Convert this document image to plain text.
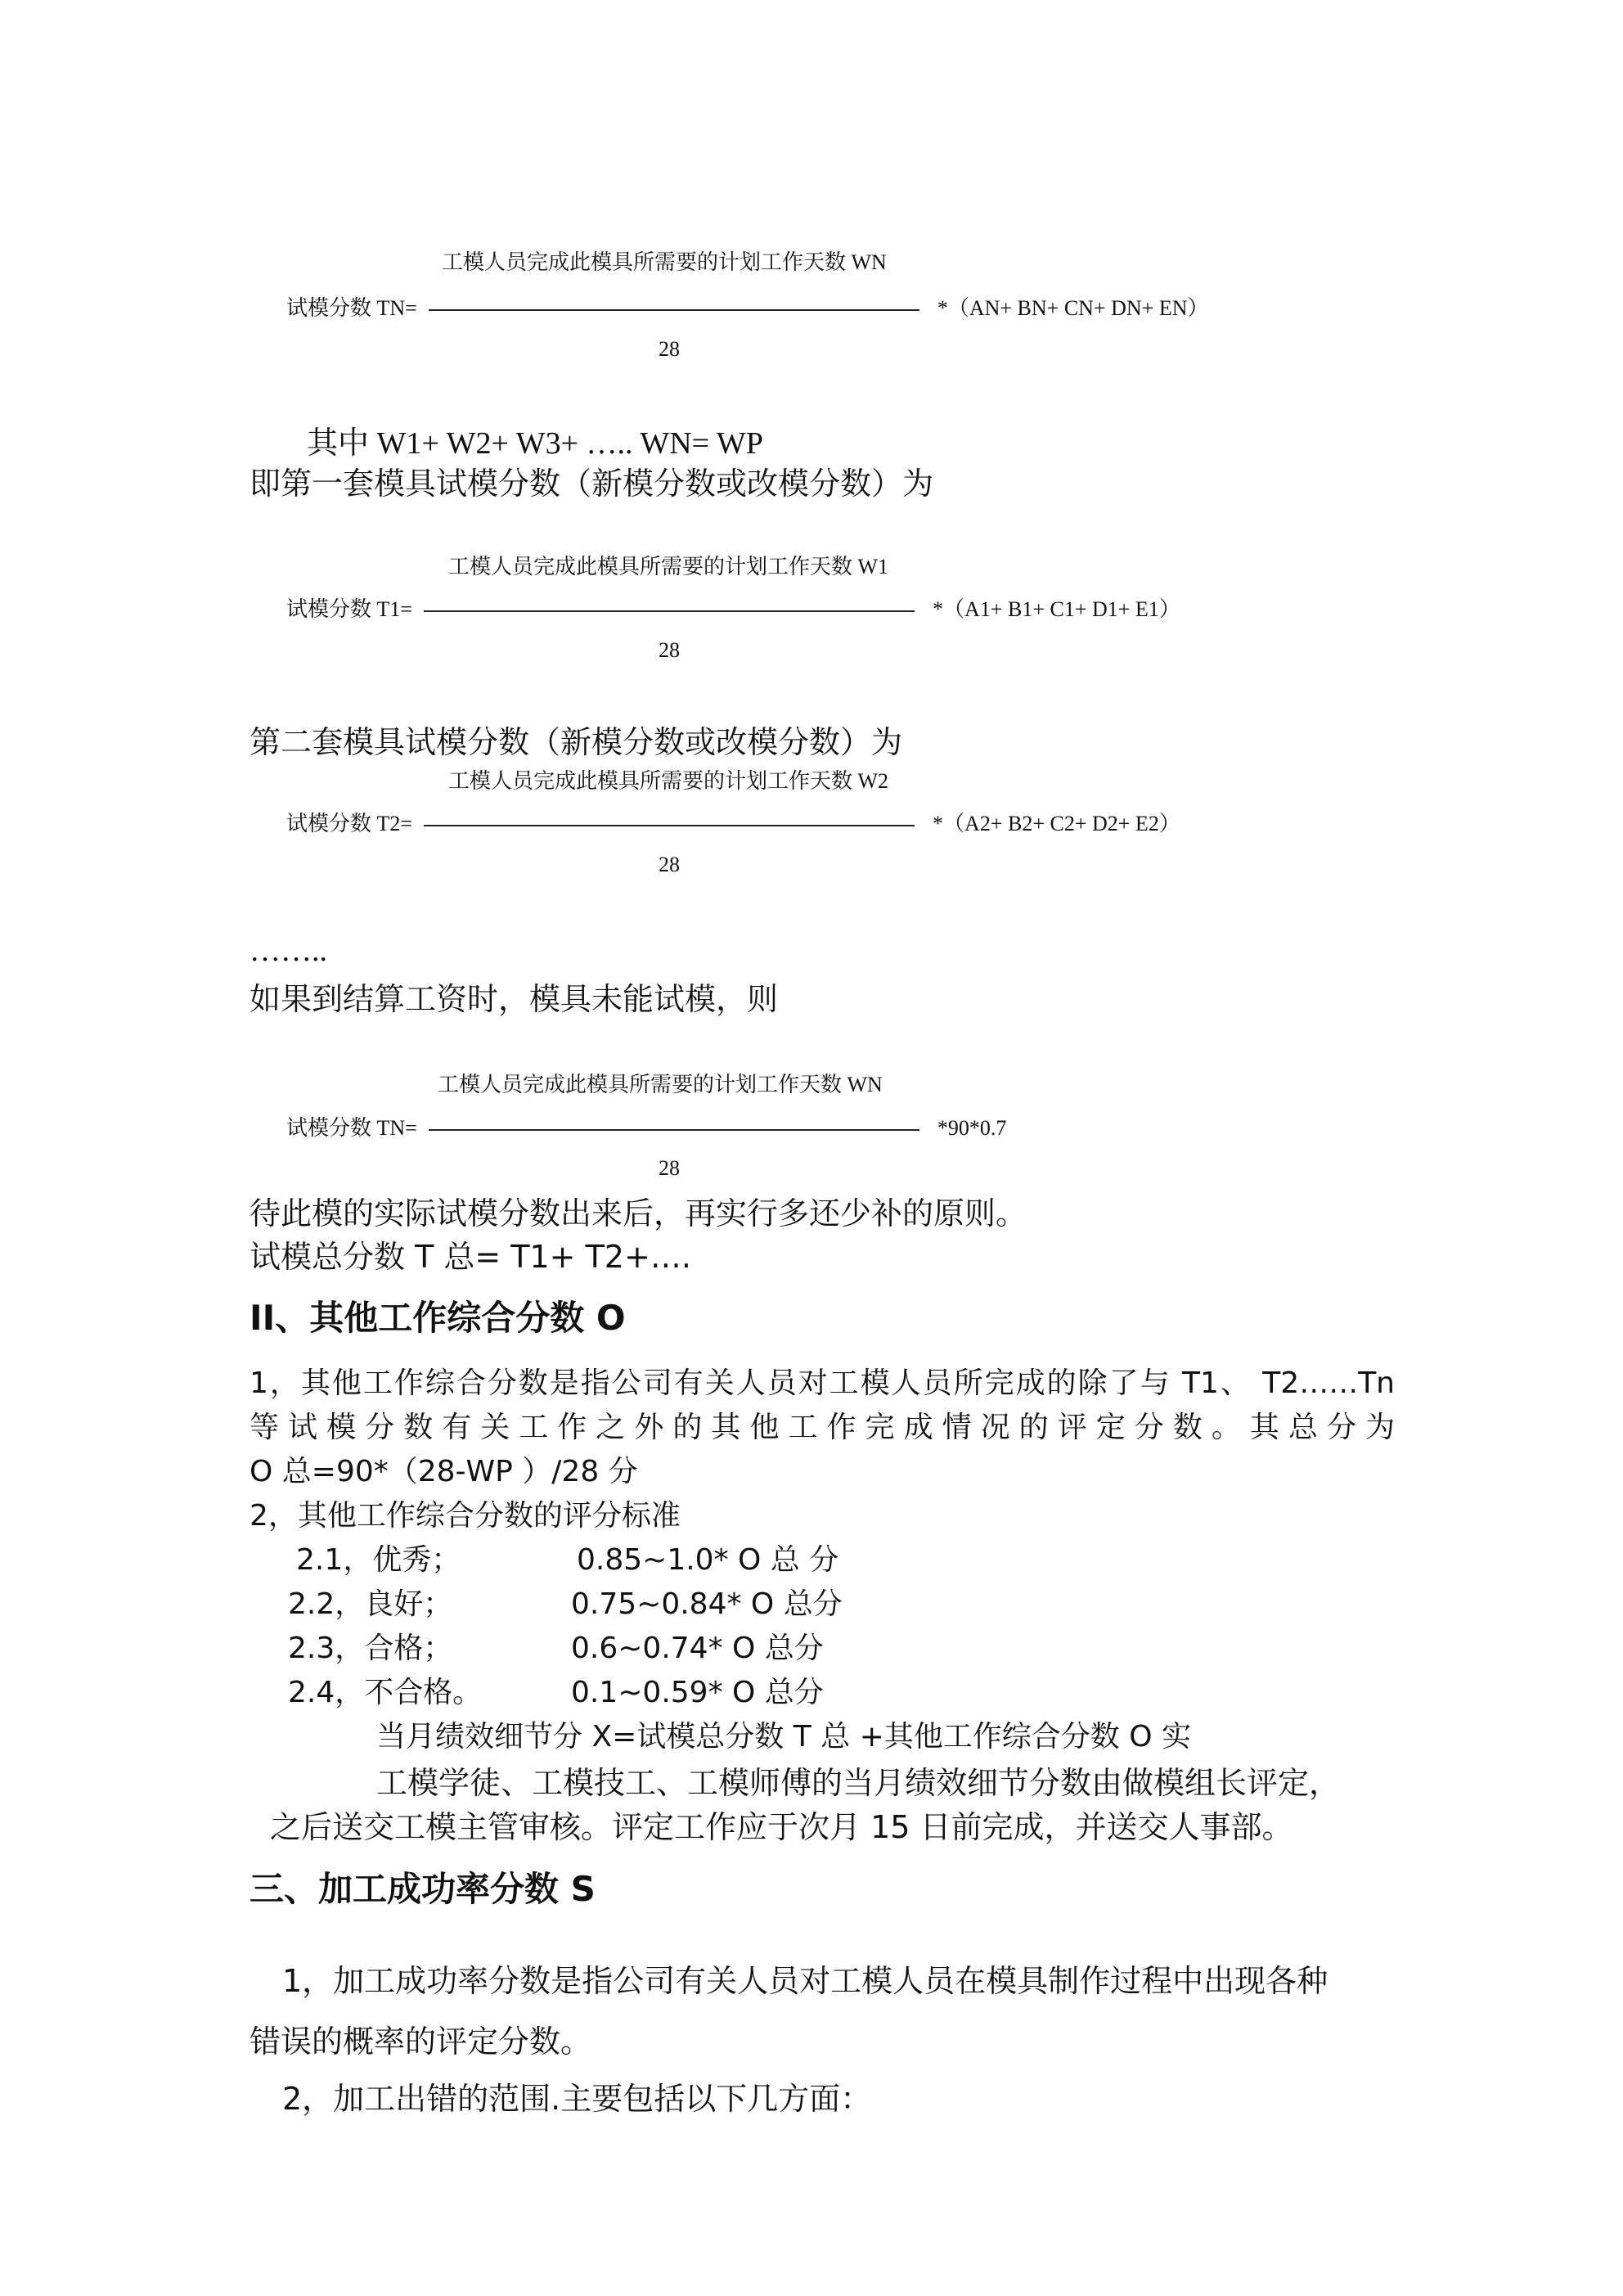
工模人员完成此模具所需要的计划工作天数 WN
试模分数 TN=	*（AN+ BN+ CN+ DN+ EN）
28
其中 W1+ W2+ W3+ ….. WN= WP
即第一套模具试模分数（新模分数或改模分数）为
工模人员完成此模具所需要的计划工作天数 W1
试模分数 T1=	*（A1+ B1+ C1+ D1+ E1）
28
第二套模具试模分数（新模分数或改模分数）为
工模人员完成此模具所需要的计划工作天数 W2
试模分数 T2=	*（A2+ B2+ C2+ D2+ E2）
28
……..
如果到结算工资时，模具未能试模，则
工模人员完成此模具所需要的计划工作天数 WN
试模分数 TN=	*90*0.7
28
待此模的实际试模分数出来后，再实行多还少补的原则。
试模总分数 T 总= T1+ T2+….
II、其他工作综合分数 O
1，其他工作综合分数是指公司有关人员对工模人员所完成的除了与 T1、 T2……Tn
等试模分数有关工作之外的其他工作完成情况的评定分数。其总分为
O 总=90*（28-WP ）/28 分
2，其他工作综合分数的评分标准
2.1，优秀；	0.85~1.0* O 总 分
2.2，良好；	0.75~0.84* O 总分
2.3，合格；	0.6~0.74* O 总分
2.4，不合格。	0.1~0.59* O 总分
当月绩效细节分 X=试模总分数 T 总 +其他工作综合分数 O 实
工模学徒、工模技工、工模师傅的当月绩效细节分数由做模组长评定，
之后送交工模主管审核。评定工作应于次月 15 日前完成，并送交人事部。
三、加工成功率分数 S
1，加工成功率分数是指公司有关人员对工模人员在模具制作过程中出现各种
错误的概率的评定分数。
2，加工出错的范围.主要包括以下几方面：
